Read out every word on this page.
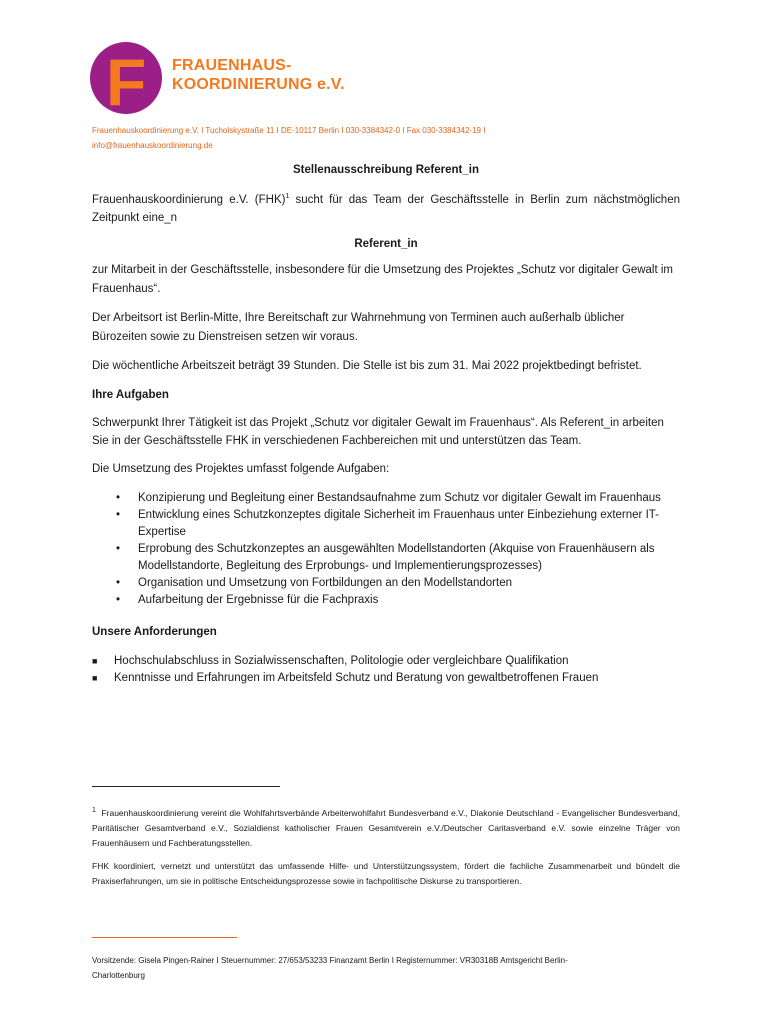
F FRAUENHAUS-
KOORDINIERUNG e.V.
Frauenhauskoordinierung e.V. I Tucholskystraße 11 I DE-10117 Berlin I 030-3384342-0 I Fax 030-3384342-19 I
info@frauenhauskoordinierung.de

Stellenausschreibung Referent_in

Frauenhauskoordinierung e.V. (FHK)$^1$ sucht für das Team der Geschäftsstelle in Berlin zum nächstmöglichen Zeitpunkt eine_n

Referent_in

zur Mitarbeit in der Geschäftsstelle, insbesondere für die Umsetzung des Projektes „Schutz vor digitaler Gewalt im Frauenhaus“.

Der Arbeitsort ist Berlin-Mitte, Ihre Bereitschaft zur Wahrnehmung von Terminen auch außerhalb üblicher Bürozeiten sowie zu Dienstreisen setzen wir voraus.

Die wöchentliche Arbeitszeit beträgt 39 Stunden. Die Stelle ist bis zum 31. Mai 2022 projektbedingt befristet.

Ihre Aufgaben

Schwerpunkt Ihrer Tätigkeit ist das Projekt „Schutz vor digitaler Gewalt im Frauenhaus“. Als Referent_in arbeiten Sie in der Geschäftsstelle FHK in verschiedenen Fachbereichen mit und unterstützen das Team.

Die Umsetzung des Projektes umfasst folgende Aufgaben:

• Konzipierung und Begleitung einer Bestandsaufnahme zum Schutz vor digitaler Gewalt im Frauenhaus
• Entwicklung eines Schutzkonzeptes digitale Sicherheit im Frauenhaus unter Einbeziehung externer IT-Expertise
• Erprobung des Schutzkonzeptes an ausgewählten Modellstandorten (Akquise von Frauenhäusern als Modellstandorte, Begleitung des Erprobungs- und Implementierungsprozesses)
• Organisation und Umsetzung von Fortbildungen an den Modellstandorten
• Aufarbeitung der Ergebnisse für die Fachpraxis

Unsere Anforderungen

■ Hochschulabschluss in Sozialwissenschaften, Politologie oder vergleichbare Qualifikation
■ Kenntnisse und Erfahrungen im Arbeitsfeld Schutz und Beratung von gewaltbetroffenen Frauen

$^1$ Frauenhauskoordinierung vereint die Wohlfahrtsverbände Arbeiterwohlfahrt Bundesverband e.V., Diakonie Deutschland - Evangelischer Bundesverband, Paritätischer Gesamtverband e.V., Sozialdienst katholischer Frauen Gesamtverein e.V./Deutscher Caritasverband e.V. sowie einzelne Träger von Frauenhäusern und Fachberatungsstellen.

FHK koordiniert, vernetzt und unterstützt das umfassende Hilfe- und Unterstützungssystem, fördert die fachliche Zusammenarbeit und bündelt die Praxiserfahrungen, um sie in politische Entscheidungsprozesse sowie in fachpolitische Diskurse zu transportieren.

Vorsitzende: Gisela Pingen-Rainer I Steuernummer: 27/653/53233 Finanzamt Berlin I Registernummer: VR30318B Amtsgericht Berlin-
Charlottenburg
